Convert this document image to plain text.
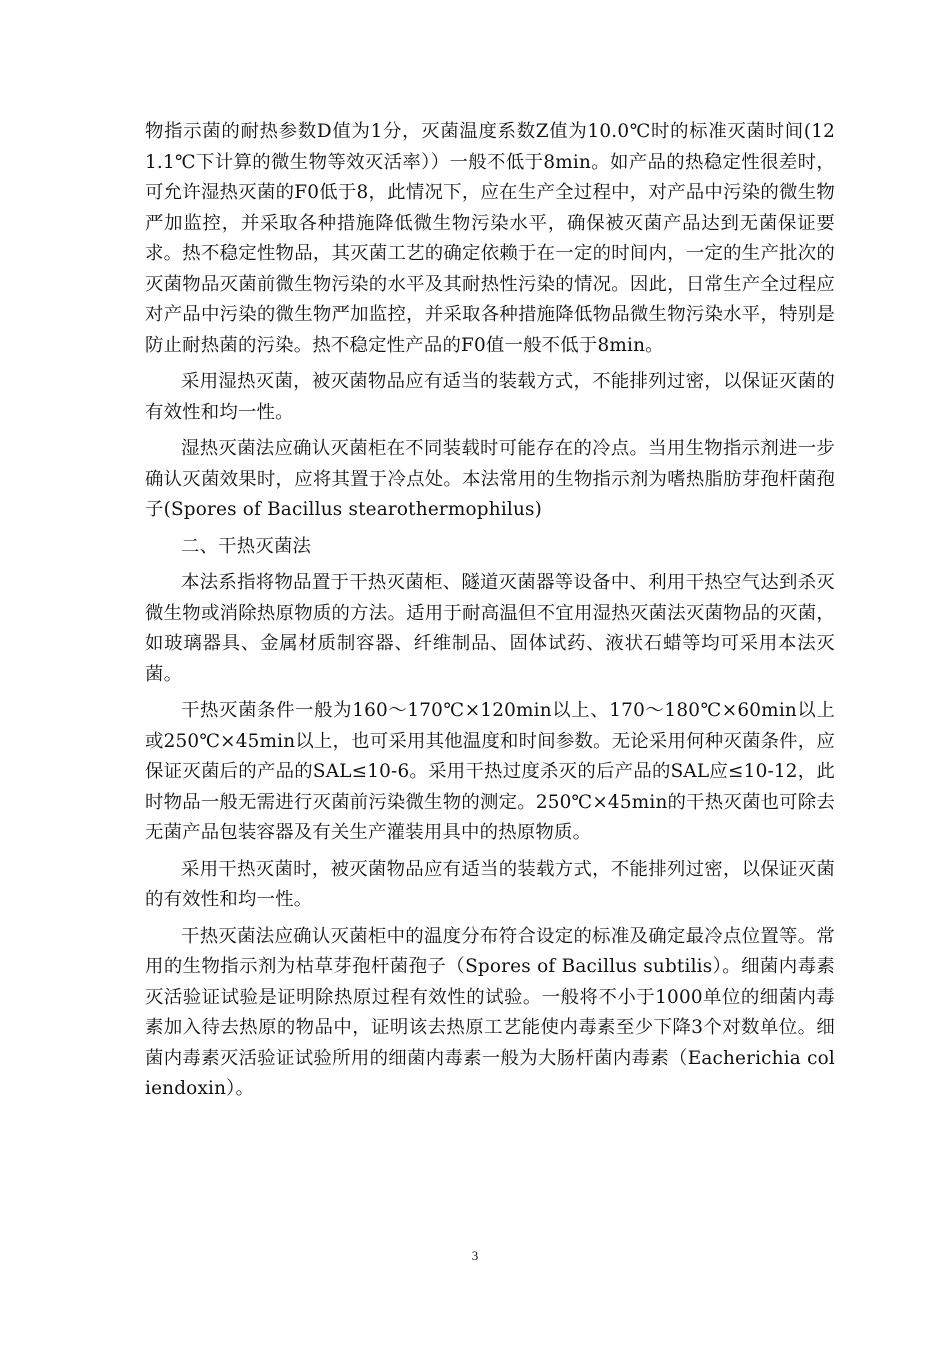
物指示菌的耐热参数D值为1分，灭菌温度系数Z值为10.0℃时的标准灭菌时间(121.1℃下计算的微生物等效灭活率））一般不低于8min。如产品的热稳定性很差时，可允许湿热灭菌的F0低于8，此情况下，应在生产全过程中，对产品中污染的微生物严加监控，并采取各种措施降低微生物污染水平，确保被灭菌产品达到无菌保证要求。热不稳定性物品，其灭菌工艺的确定依赖于在一定的时间内，一定的生产批次的灭菌物品灭菌前微生物污染的水平及其耐热性污染的情况。因此，日常生产全过程应对产品中污染的微生物严加监控，并采取各种措施降低物品微生物污染水平，特别是防止耐热菌的污染。热不稳定性产品的F0值一般不低于8min。

采用湿热灭菌，被灭菌物品应有适当的装载方式，不能排列过密，以保证灭菌的有效性和均一性。

湿热灭菌法应确认灭菌柜在不同装载时可能存在的冷点。当用生物指示剂进一步确认灭菌效果时，应将其置于冷点处。本法常用的生物指示剂为嗜热脂肪芽孢杆菌孢子(Spores of Bacillus stearothermophilus)

二、干热灭菌法

本法系指将物品置于干热灭菌柜、隧道灭菌器等设备中、利用干热空气达到杀灭微生物或消除热原物质的方法。适用于耐高温但不宜用湿热灭菌法灭菌物品的灭菌，如玻璃器具、金属材质制容器、纤维制品、固体试药、液状石蜡等均可采用本法灭菌。

干热灭菌条件一般为160～170℃×120min以上、170～180℃×60min以上或250℃×45min以上，也可采用其他温度和时间参数。无论采用何种灭菌条件，应保证灭菌后的产品的SAL≤10-6。采用干热过度杀灭的后产品的SAL应≤10-12，此时物品一般无需进行灭菌前污染微生物的测定。250℃×45min的干热灭菌也可除去无菌产品包装容器及有关生产灌装用具中的热原物质。

采用干热灭菌时，被灭菌物品应有适当的装载方式，不能排列过密，以保证灭菌的有效性和均一性。

干热灭菌法应确认灭菌柜中的温度分布符合设定的标准及确定最冷点位置等。常用的生物指示剂为枯草芽孢杆菌孢子（Spores of Bacillus subtilis）。细菌内毒素灭活验证试验是证明除热原过程有效性的试验。一般将不小于1000单位的细菌内毒素加入待去热原的物品中，证明该去热原工艺能使内毒素至少下降3个对数单位。细菌内毒素灭活验证试验所用的细菌内毒素一般为大肠杆菌内毒素（Eacherichia coliendoxin）。

3
